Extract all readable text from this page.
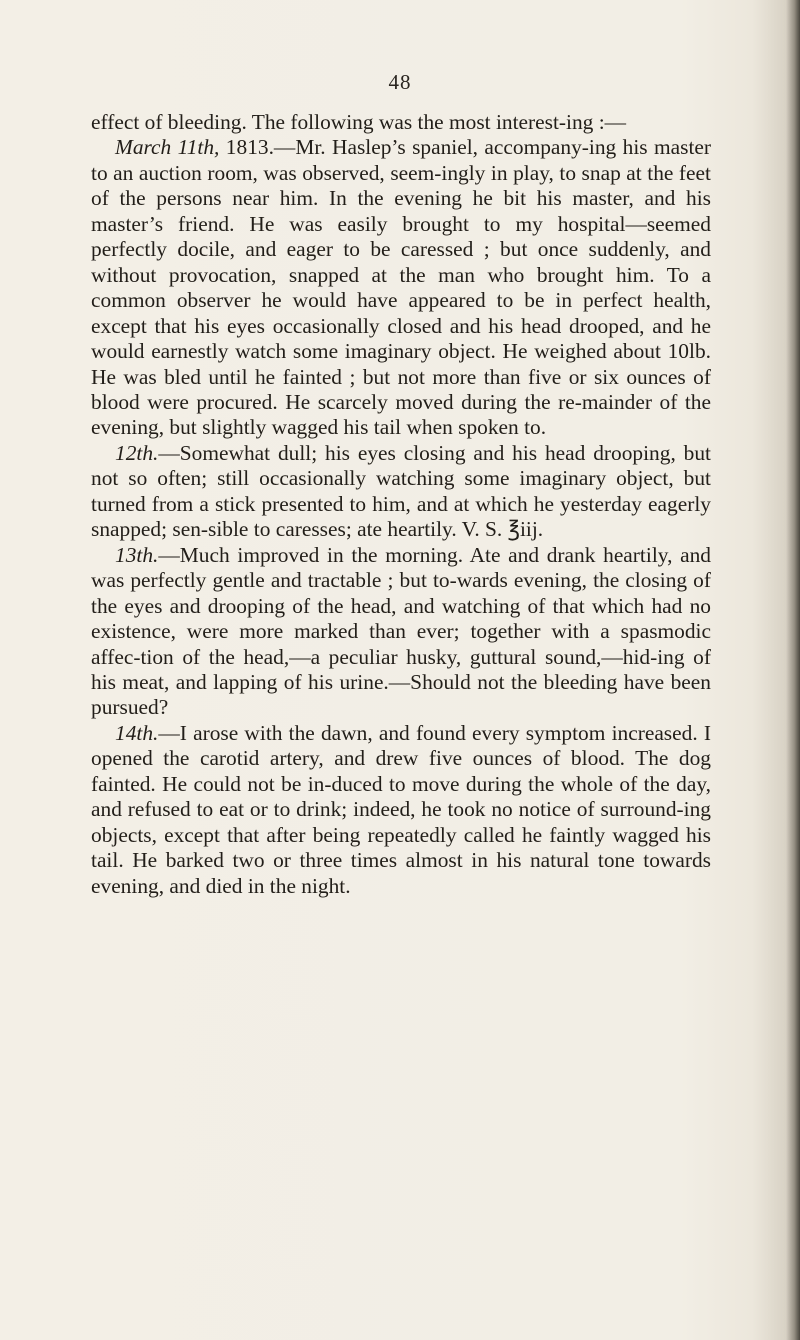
48

effect of bleeding. The following was the most interest-ing :—

March 11th, 1813.—Mr. Haslep’s spaniel, accompany-ing his master to an auction room, was observed, seem-ingly in play, to snap at the feet of the persons near him. In the evening he bit his master, and his master’s friend. He was easily brought to my hospital—seemed perfectly docile, and eager to be caressed ; but once suddenly, and without provocation, snapped at the man who brought him. To a common observer he would have appeared to be in perfect health, except that his eyes occasionally closed and his head drooped, and he would earnestly watch some imaginary object. He weighed about 10lb. He was bled until he fainted ; but not more than five or six ounces of blood were procured. He scarcely moved during the re-mainder of the evening, but slightly wagged his tail when spoken to.

12th.—Somewhat dull; his eyes closing and his head drooping, but not so often; still occasionally watching some imaginary object, but turned from a stick presented to him, and at which he yesterday eagerly snapped; sen-sible to caresses; ate heartily. V. S. ℥iij.

13th.—Much improved in the morning. Ate and drank heartily, and was perfectly gentle and tractable ; but to-wards evening, the closing of the eyes and drooping of the head, and watching of that which had no existence, were more marked than ever; together with a spasmodic affec-tion of the head,—a peculiar husky, guttural sound,—hid-ing of his meat, and lapping of his urine.—Should not the bleeding have been pursued?

14th.—I arose with the dawn, and found every symptom increased. I opened the carotid artery, and drew five ounces of blood. The dog fainted. He could not be in-duced to move during the whole of the day, and refused to eat or to drink; indeed, he took no notice of surround-ing objects, except that after being repeatedly called he faintly wagged his tail. He barked two or three times almost in his natural tone towards evening, and died in the night.
